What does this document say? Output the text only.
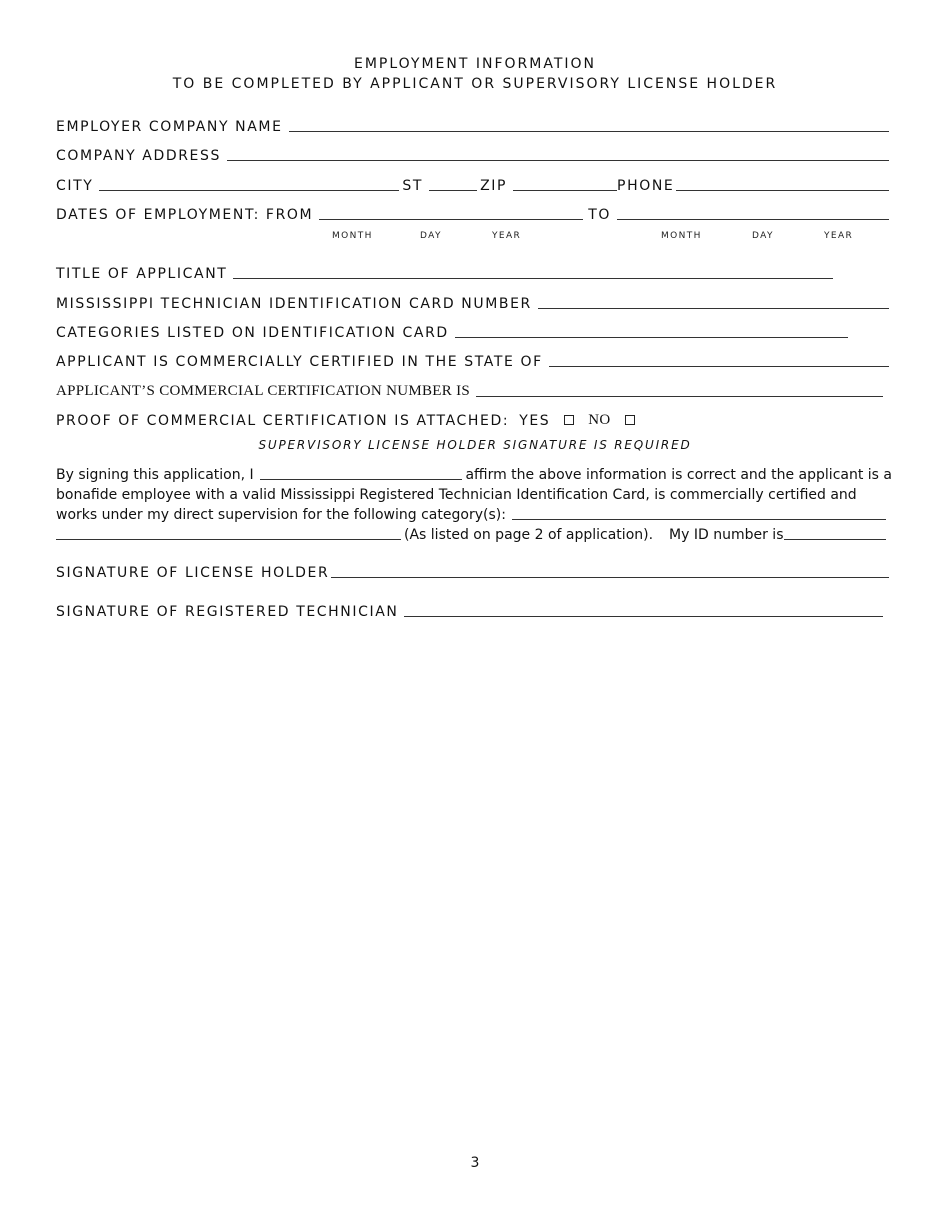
EMPLOYMENT INFORMATION
TO BE COMPLETED BY APPLICANT OR SUPERVISORY LICENSE HOLDER
EMPLOYER COMPANY NAME
COMPANY ADDRESS
CITY	ST	ZIP	PHONE
DATES OF EMPLOYMENT: FROM	TO
MONTH	DAY	YEAR	MONTH	DAY	YEAR
TITLE OF APPLICANT
MISSISSIPPI TECHNICIAN IDENTIFICATION CARD NUMBER
CATEGORIES LISTED ON IDENTIFICATION CARD
APPLICANT IS COMMERCIALLY CERTIFIED IN THE STATE OF
APPLICANT’S COMMERCIAL CERTIFICATION NUMBER IS
PROOF OF COMMERCIAL CERTIFICATION IS ATTACHED: YES	NO
SUPERVISORY LICENSE HOLDER SIGNATURE IS REQUIRED
By signing this application, I	affirm the above information is correct and the applicant is a
bonafide employee with a valid Mississippi Registered Technician Identification Card, is commercially certified and
works under my direct supervision for the following category(s):
(As listed on page 2 of application). My ID number is
SIGNATURE OF LICENSE HOLDER
SIGNATURE OF REGISTERED TECHNICIAN
3
